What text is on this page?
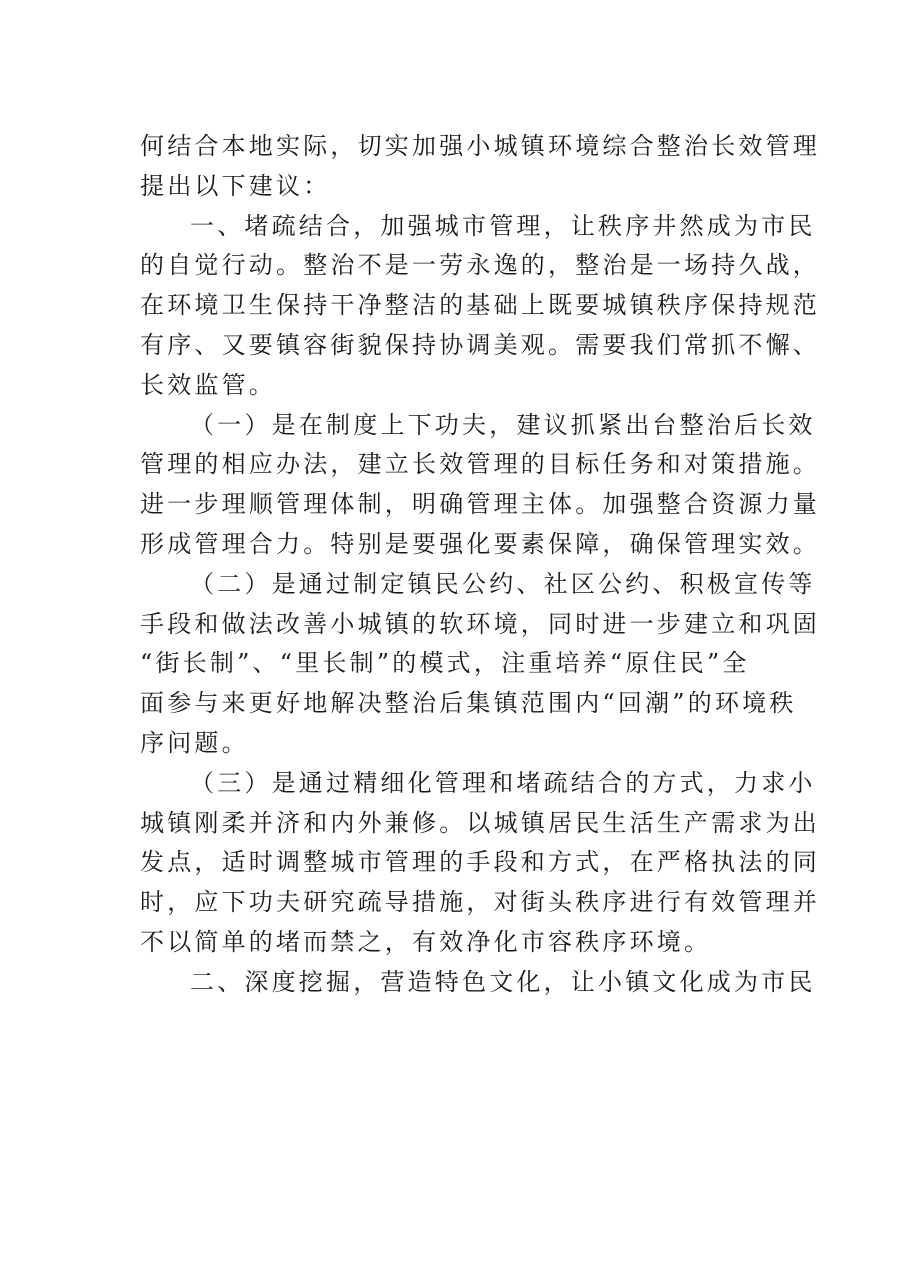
何结合本地实际，切实加强小城镇环境综合整治长效管理
提出以下建议：
一、堵疏结合，加强城市管理，让秩序井然成为市民
的自觉行动。整治不是一劳永逸的，整治是一场持久战，
在环境卫生保持干净整洁的基础上既要城镇秩序保持规范
有序、又要镇容街貌保持协调美观。需要我们常抓不懈、
长效监管。
（一）是在制度上下功夫，建议抓紧出台整治后长效
管理的相应办法，建立长效管理的目标任务和对策措施。
进一步理顺管理体制，明确管理主体。加强整合资源力量
形成管理合力。特别是要强化要素保障，确保管理实效。
（二）是通过制定镇民公约、社区公约、积极宣传等
手段和做法改善小城镇的软环境，同时进一步建立和巩固
“街长制”、“里长制”的模式，注重培养“原住民”全
面参与来更好地解决整治后集镇范围内“回潮”的环境秩
序问题。
（三）是通过精细化管理和堵疏结合的方式，力求小
城镇刚柔并济和内外兼修。以城镇居民生活生产需求为出
发点，适时调整城市管理的手段和方式，在严格执法的同
时，应下功夫研究疏导措施，对街头秩序进行有效管理并
不以简单的堵而禁之，有效净化市容秩序环境。
二、深度挖掘，营造特色文化，让小镇文化成为市民
